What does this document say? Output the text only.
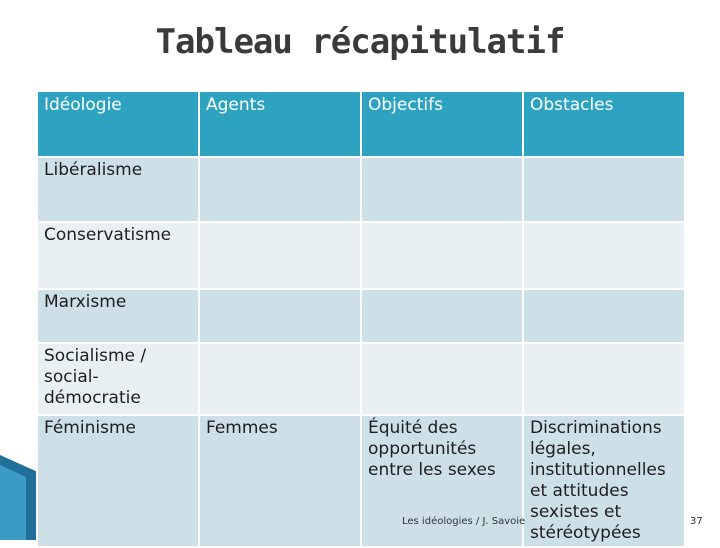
Tableau récapitulatif
Idéologie	Agents	Objectifs	Obstacles
Libéralisme			
Conservatisme			
Marxisme			
Socialisme / social-démocratie			
Féminisme	Femmes	Équité des opportunités entre les sexes	Discriminations légales, institutionnelles et attitudes sexistes et stéréotypées
Les idéologies / J. Savoie	37
